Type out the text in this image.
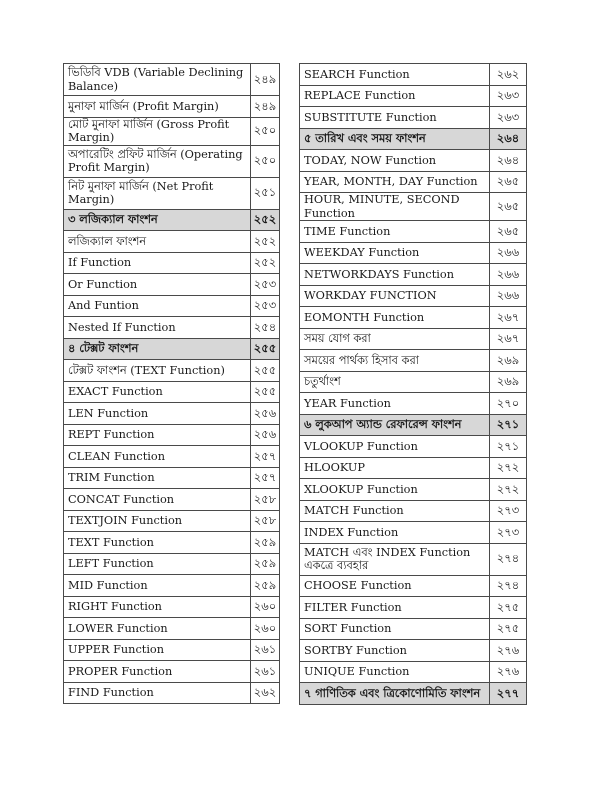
ভিডিবি VDB (Variable Declining Balance)	২৪৯
মুনাফা মার্জিন (Profit Margin)	২৪৯
মোট মুনাফা মার্জিন (Gross Profit Margin)	২৫০
অপারেটিং প্রফিট মার্জিন (Operating Profit Margin)	২৫০
নিট মুনাফা মার্জিন (Net Profit Margin)	২৫১
৩ লজিক্যাল ফাংশন	২৫২
লজিক্যাল ফাংশন	২৫২
If Function	২৫২
Or Function	২৫৩
And Funtion	২৫৩
Nested If Function	২৫৪
৪ টেক্সট ফাংশন	২৫৫
টেক্সট ফাংশন (TEXT Function)	২৫৫
EXACT Function	২৫৫
LEN Function	২৫৬
REPT Function	২৫৬
CLEAN Function	২৫৭
TRIM Function	২৫৭
CONCAT Function	২৫৮
TEXTJOIN Function	২৫৮
TEXT Function	২৫৯
LEFT Function	২৫৯
MID Function	২৫৯
RIGHT Function	২৬০
LOWER Function	২৬০
UPPER Function	২৬১
PROPER Function	২৬১
FIND Function	২৬২
SEARCH Function	২৬২
REPLACE Function	২৬৩
SUBSTITUTE Function	২৬৩
৫ তারিখ এবং সময় ফাংশন	২৬৪
TODAY, NOW Function	২৬৪
YEAR, MONTH, DAY Function	২৬৫
HOUR, MINUTE, SECOND Function	২৬৫
TIME Function	২৬৫
WEEKDAY Function	২৬৬
NETWORKDAYS Function	২৬৬
WORKDAY FUNCTION	২৬৬
EOMONTH Function	২৬৭
সময় যোগ করা	২৬৭
সময়ের পার্থক্য হিসাব করা	২৬৯
চতুর্থাংশ	২৬৯
YEAR Function	২৭০
৬ লুকআপ অ্যান্ড রেফারেন্স ফাংশন	২৭১
VLOOKUP Function	২৭১
HLOOKUP	২৭২
XLOOKUP Function	২৭২
MATCH Function	২৭৩
INDEX Function	২৭৩
MATCH এবং INDEX Function একত্রে ব্যবহার	২৭৪
CHOOSE Function	২৭৪
FILTER Function	২৭৫
SORT Function	২৭৫
SORTBY Function	২৭৬
UNIQUE Function	২৭৬
৭ গাণিতিক এবং ত্রিকোণোমিতি ফাংশন	২৭৭
